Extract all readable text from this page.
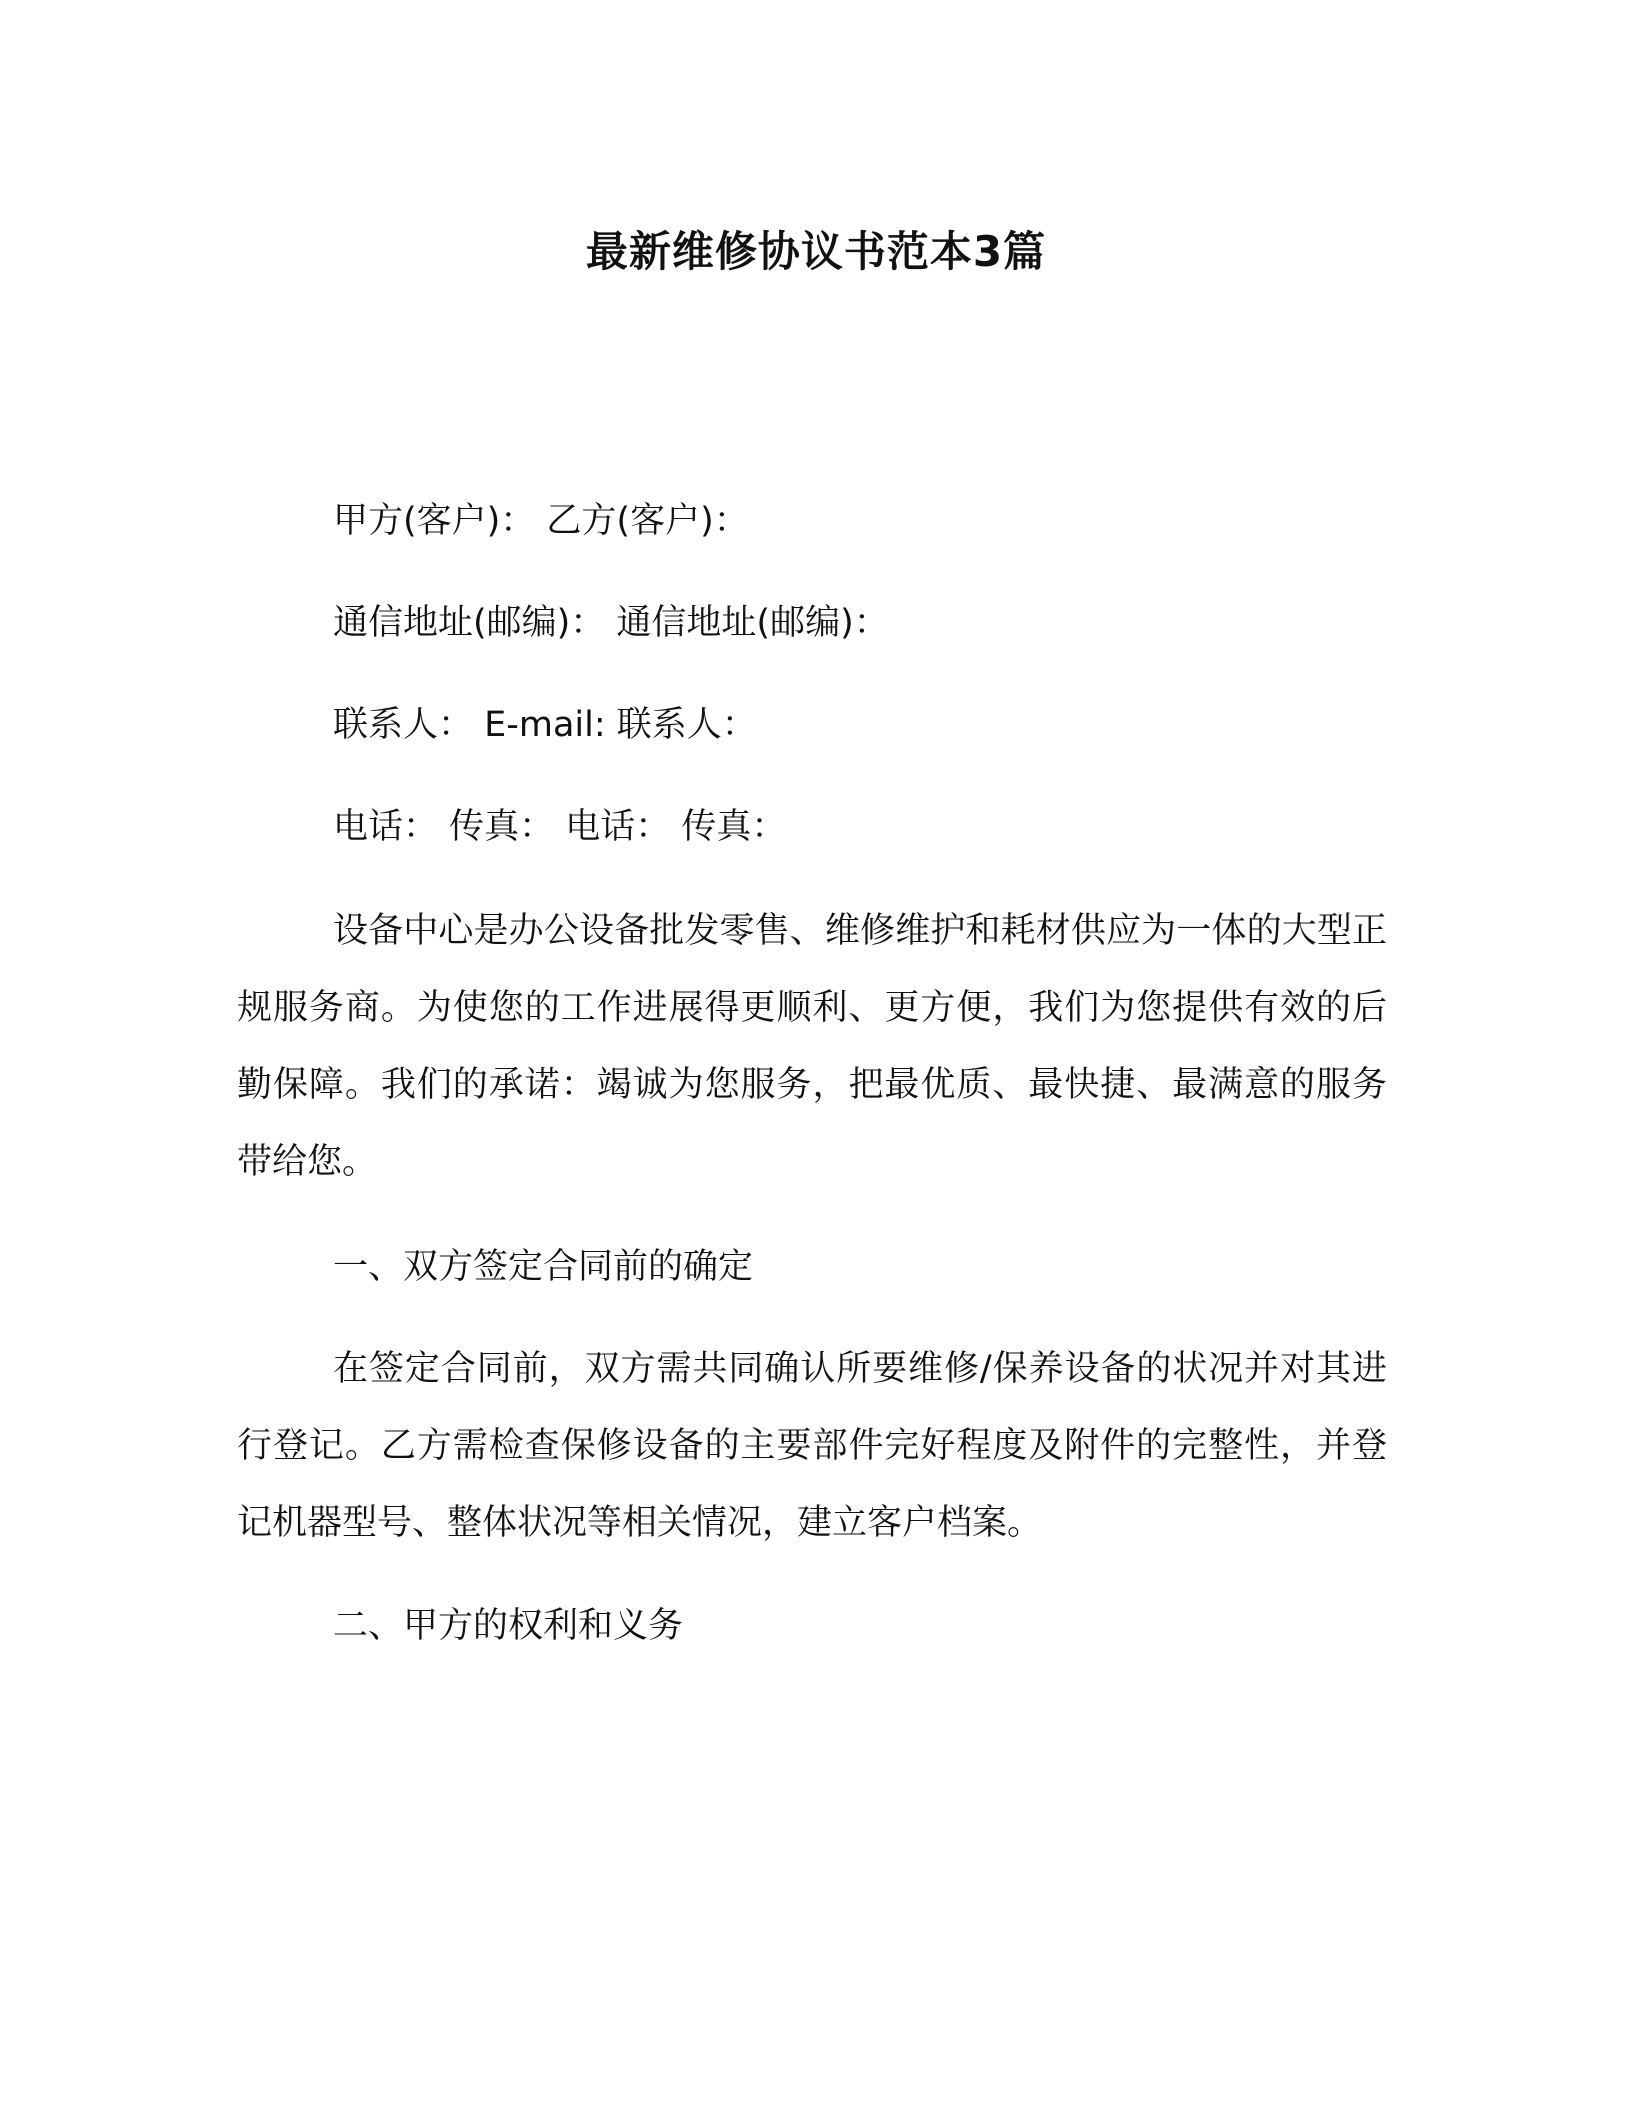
最新维修协议书范本3篇
甲方(客户)： 乙方(客户)：
通信地址(邮编)： 通信地址(邮编)：
联系人： E-mail: 联系人：
电话： 传真： 电话： 传真：
设备中心是办公设备批发零售、维修维护和耗材供应为一体的大型正规服务商。为使您的工作进展得更顺利、更方便，我们为您提供有效的后勤保障。我们的承诺：竭诚为您服务，把最优质、最快捷、最满意的服务带给您。
一、双方签定合同前的确定
在签定合同前，双方需共同确认所要维修/保养设备的状况并对其进行登记。乙方需检查保修设备的主要部件完好程度及附件的完整性，并登记机器型号、整体状况等相关情况，建立客户档案。
二、甲方的权利和义务
